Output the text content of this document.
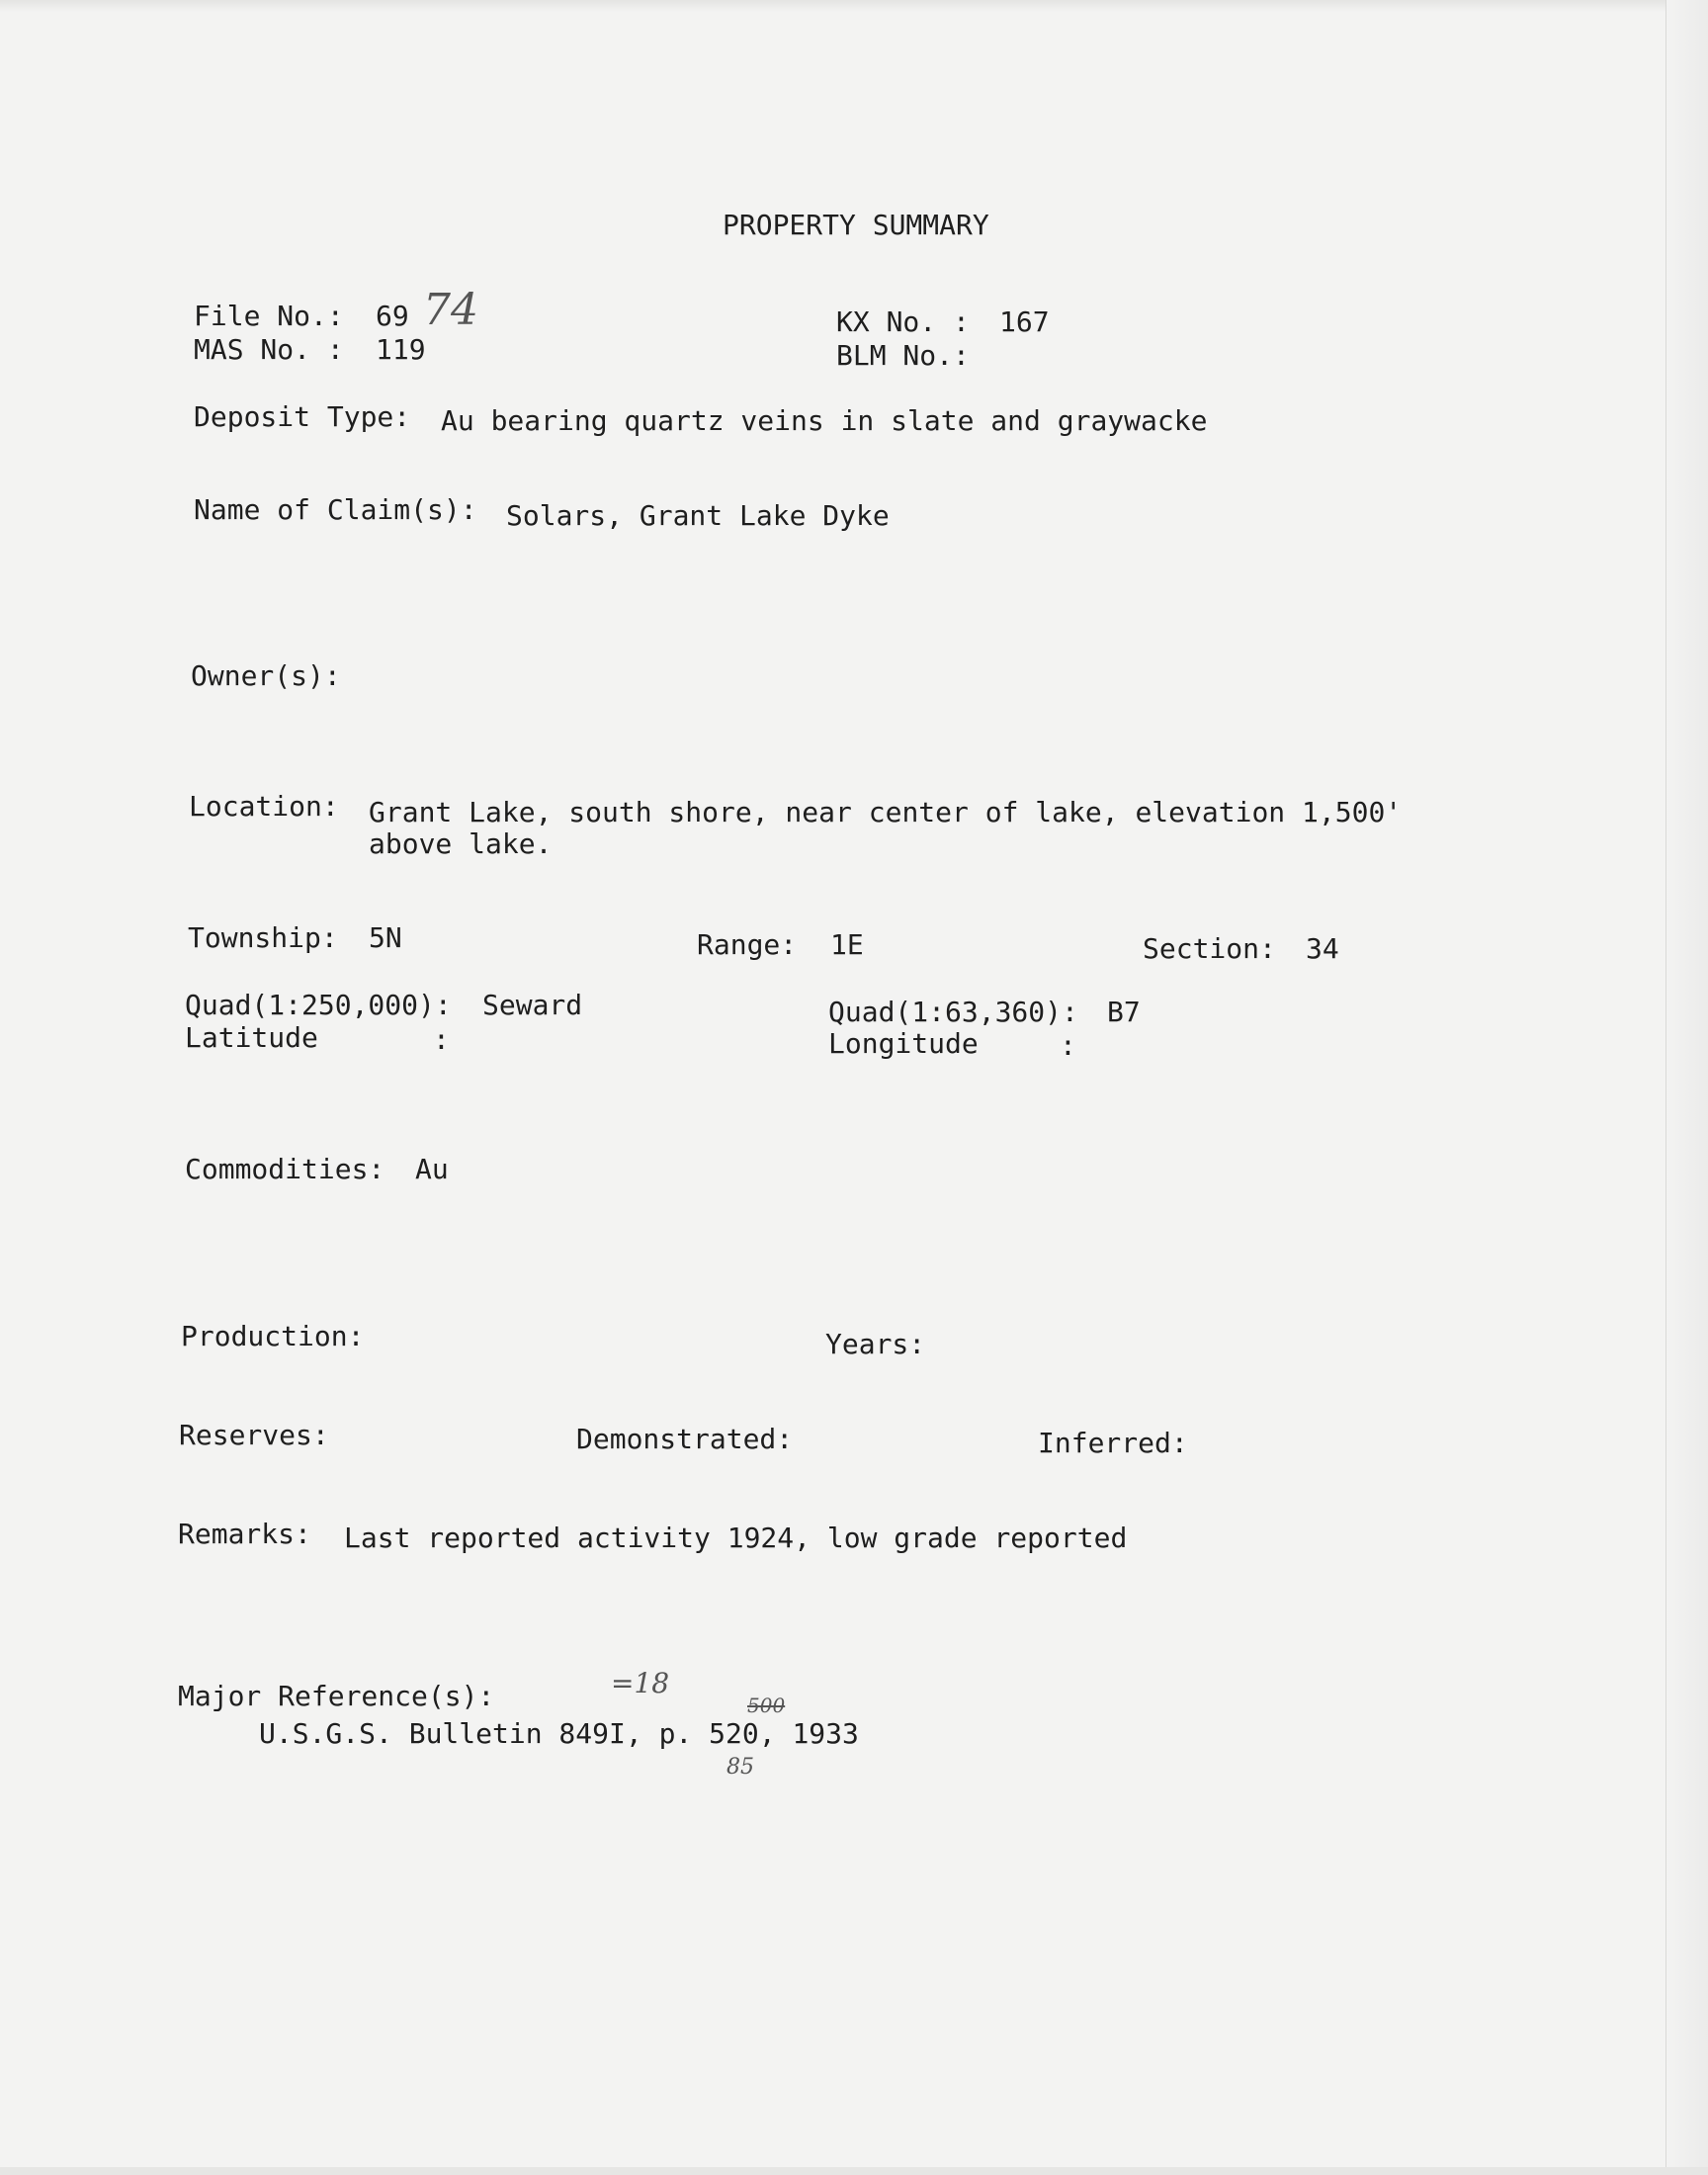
PROPERTY SUMMARY
File No.: 69 74
MAS No. : 119
KX No. : 167
BLM No.:
Deposit Type: Au bearing quartz veins in slate and graywacke
Name of Claim(s): Solars, Grant Lake Dyke
Owner(s):
Location: Grant Lake, south shore, near center of lake, elevation 1,500'
above lake.
Township: 5N	Range: 1E	Section: 34
Quad(1:250,000): Seward	Quad(1:63,360): B7
Latitude	:	Longitude	:
Commodities: Au
Production:	Years:
Reserves:	Demonstrated:	Inferred:
Remarks: Last reported activity 1924, low grade reported
Major Reference(s):
U.S.G.S. Bulletin 849I, p. 520, 1933
=18
500
85
